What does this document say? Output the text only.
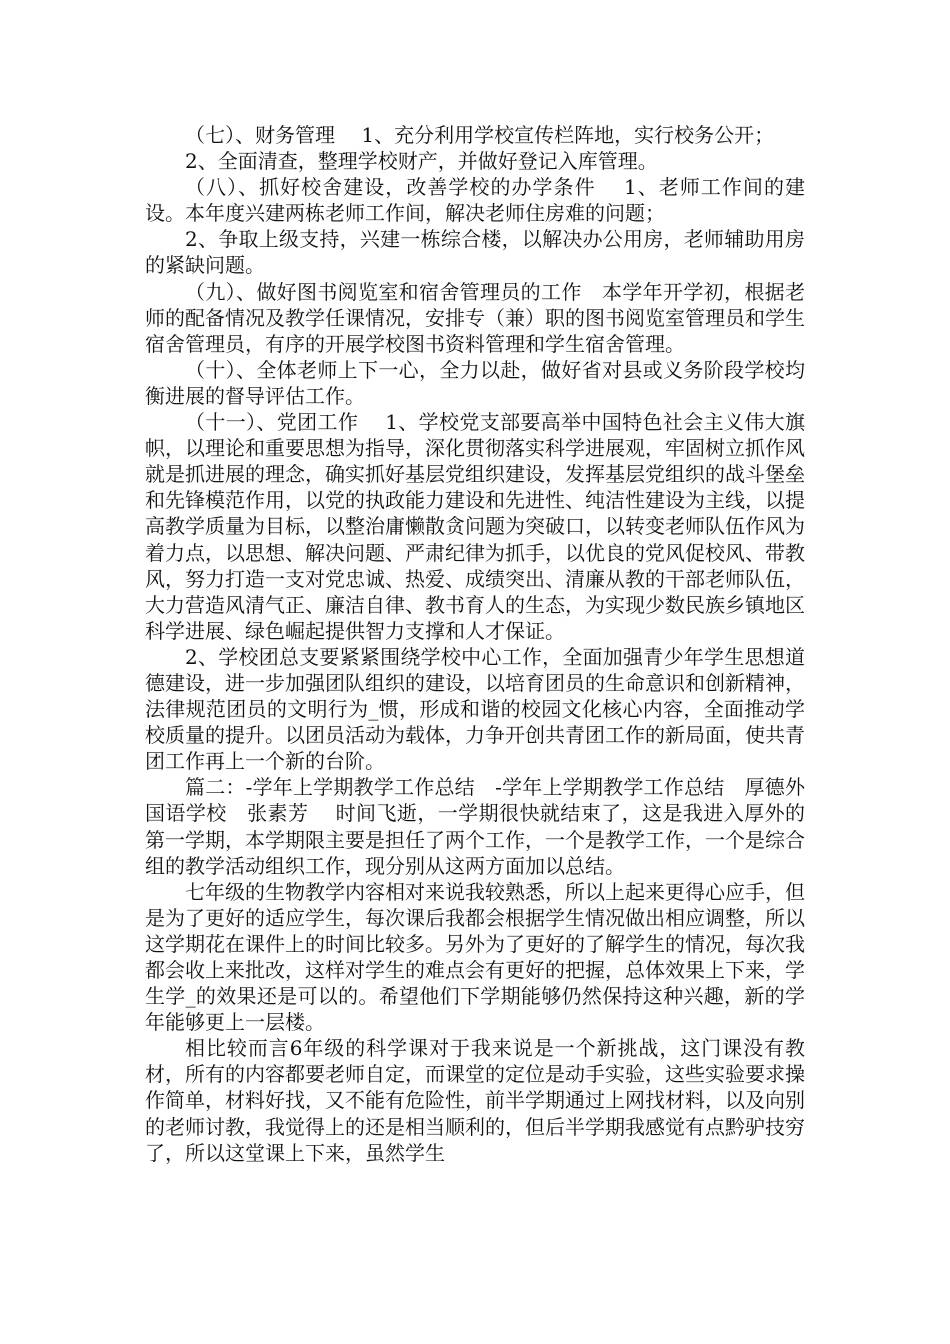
（七）、财务管理　 1、充分利用学校宣传栏阵地，实行校务公开；

2、全面清查，整理学校财产，并做好登记入库管理。

（八）、抓好校舍建设，改善学校的办学条件　 1、老师工作间的建设。本年度兴建两栋老师工作间，解决老师住房难的问题；

2、争取上级支持，兴建一栋综合楼，以解决办公用房，老师辅助用房的紧缺问题。

（九）、做好图书阅览室和宿舍管理员的工作　本学年开学初，根据老师的配备情况及教学任课情况，安排专（兼）职的图书阅览室管理员和学生宿舍管理员，有序的开展学校图书资料管理和学生宿舍管理。

（十）、全体老师上下一心，全力以赴，做好省对县或义务阶段学校均衡进展的督导评估工作。

（十一）、党团工作　 1、学校党支部要高举中国特色社会主义伟大旗帜，以理论和重要思想为指导，深化贯彻落实科学进展观，牢固树立抓作风就是抓进展的理念，确实抓好基层党组织建设，发挥基层党组织的战斗堡垒和先锋模范作用，以党的执政能力建设和先进性、纯洁性建设为主线，以提高教学质量为目标，以整治庸懒散贪问题为突破口，以转变老师队伍作风为着力点，以思想、解决问题、严肃纪律为抓手，以优良的党风促校风、带教风，努力打造一支对党忠诚、热爱、成绩突出、清廉从教的干部老师队伍，大力营造风清气正、廉洁自律、教书育人的生态，为实现少数民族乡镇地区科学进展、绿色崛起提供智力支撑和人才保证。

2、学校团总支要紧紧围绕学校中心工作，全面加强青少年学生思想道德建设，进一步加强团队组织的建设，以培育团员的生命意识和创新精神，法律规范团员的文明行为_惯，形成和谐的校园文化核心内容，全面推动学校质量的提升。以团员活动为载体，力争开创共青团工作的新局面，使共青团工作再上一个新的台阶。

篇二：-学年上学期教学工作总结　-学年上学期教学工作总结　厚德外国语学校　张素芳　 时间飞逝，一学期很快就结束了，这是我进入厚外的第一学期，本学期限主要是担任了两个工作，一个是教学工作，一个是综合组的教学活动组织工作，现分别从这两方面加以总结。

七年级的生物教学内容相对来说我较熟悉，所以上起来更得心应手，但是为了更好的适应学生，每次课后我都会根据学生情况做出相应调整，所以这学期花在课件上的时间比较多。另外为了更好的了解学生的情况，每次我都会收上来批改，这样对学生的难点会有更好的把握，总体效果上下来，学生学_的效果还是可以的。希望他们下学期能够仍然保持这种兴趣，新的学年能够更上一层楼。

相比较而言6年级的科学课对于我来说是一个新挑战，这门课没有教材，所有的内容都要老师自定，而课堂的定位是动手实验，这些实验要求操作简单，材料好找，又不能有危险性，前半学期通过上网找材料，以及向别的老师讨教，我觉得上的还是相当顺利的，但后半学期我感觉有点黔驴技穷了，所以这堂课上下来，虽然学生
